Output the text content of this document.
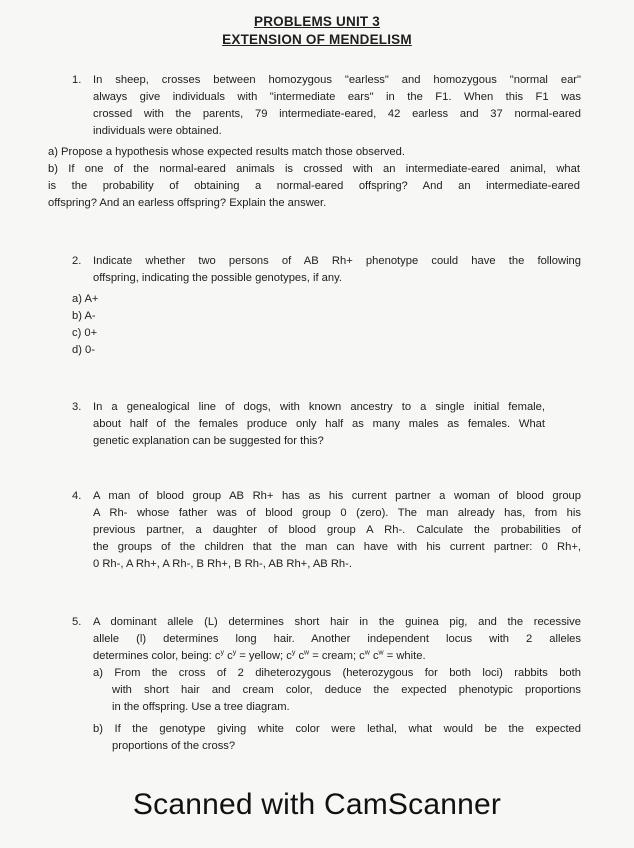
PROBLEMS UNIT 3
EXTENSION OF MENDELISM
1. In sheep, crosses between homozygous "earless" and homozygous "normal ear"
always give individuals with "intermediate ears" in the F1. When this F1 was
crossed with the parents, 79 intermediate-eared, 42 earless and 37 normal-eared
individuals were obtained.
a) Propose a hypothesis whose expected results match those observed.
b) If one of the normal-eared animals is crossed with an intermediate-eared animal, what
is the probability of obtaining a normal-eared offspring? And an intermediate-eared
offspring? And an earless offspring? Explain the answer.
2. Indicate whether two persons of AB Rh+ phenotype could have the following
offspring, indicating the possible genotypes, if any.
a) A+
b) A-
c) 0+
d) 0-
3. In a genealogical line of dogs, with known ancestry to a single initial female,
about half of the females produce only half as many males as females. What
genetic explanation can be suggested for this?
4. A man of blood group AB Rh+ has as his current partner a woman of blood group
A Rh- whose father was of blood group 0 (zero). The man already has, from his
previous partner, a daughter of blood group A Rh-. Calculate the probabilities of
the groups of the children that the man can have with his current partner: 0 Rh+,
0 Rh-, A Rh+, A Rh-, B Rh+, B Rh-, AB Rh+, AB Rh-.
5. A dominant allele (L) determines short hair in the guinea pig, and the recessive
allele (l) determines long hair. Another independent locus with 2 alleles
determines color, being: $c^y$ $c^y$ = yellow; $c^y$ $c^w$ = cream; $c^w$ $c^w$ = white.
a) From the cross of 2 diheterozygous (heterozygous for both loci) rabbits both
with short hair and cream color, deduce the expected phenotypic proportions
in the offspring. Use a tree diagram.
b) If the genotype giving white color were lethal, what would be the expected
proportions of the cross?
Scanned with CamScanner
